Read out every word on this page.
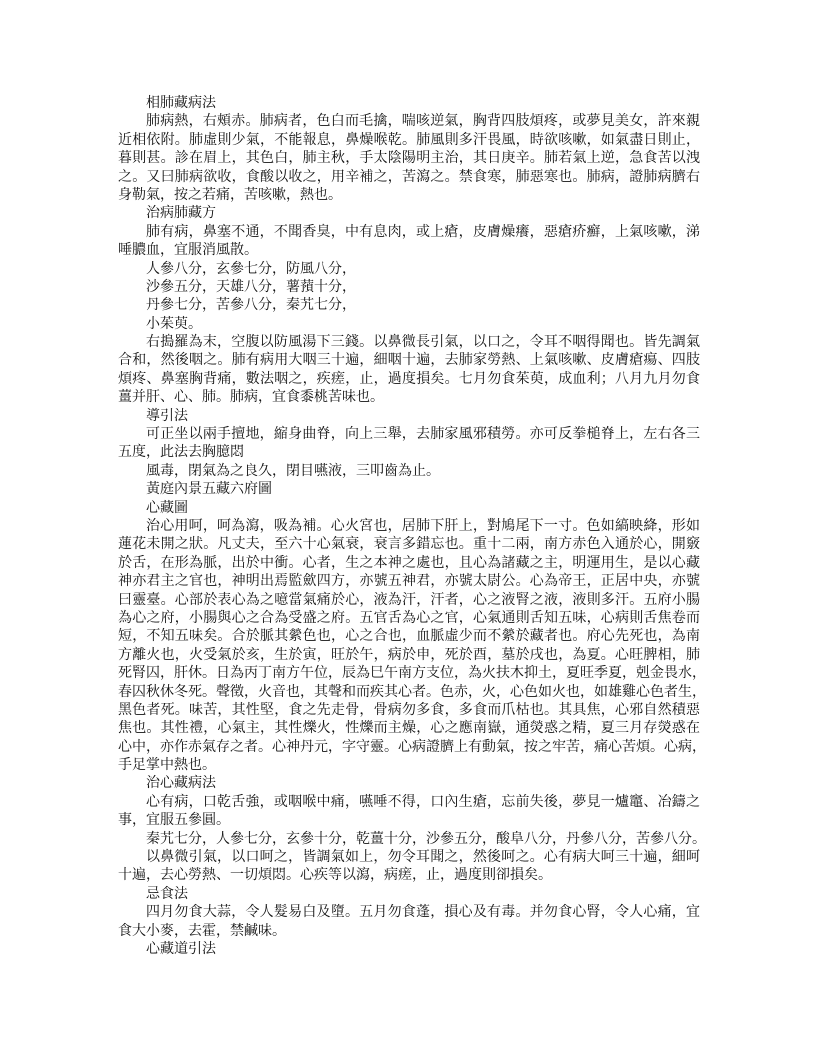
相肺藏病法
肺病熱，右頰赤。肺病者，色白而毛擒，喘咳逆氣，胸背四肢煩疼，或夢見美女，許來親
近相依附。肺虛則少氣，不能報息，鼻燥喉乾。肺風則多汗畏風，時欲咳嗽，如氣盡日則止，
暮則甚。診在眉上，其色白，肺主秋，手太陰陽明主治，其日庚辛。肺若氣上逆，急食苦以洩
之。又曰肺病欲收，食酸以收之，用辛補之，苦瀉之。禁食寒，肺惡寒也。肺病，證肺病臍右
身勒氣，按之若痛，苦咳嗽，熱也。
治病肺藏方
肺有病，鼻塞不通，不聞香臭，中有息肉，或上瘡，皮膚燥癢，惡瘡疥癬，上氣咳嗽，涕
唾膿血，宜服消風散。
人參八分，玄參七分，防風八分，
沙參五分，天雄八分，薯蕷十分，
丹參七分，苦參八分，秦艽七分，
小茱萸。
右搗羅為末，空腹以防風湯下三錢。以鼻微長引氣，以口之，令耳不咽得聞也。皆先調氣
合和，然後咽之。肺有病用大咽三十遍，細咽十遍，去肺家勞熱、上氣咳嗽、皮膚瘡瘍、四肢
煩疼、鼻塞胸背痛，數法咽之，疾瘥，止，過度損矣。七月勿食茱萸，成血利；八月九月勿食
薑并肝、心、肺。肺病，宜食黍桃苦味也。
導引法
可正坐以兩手擅地，縮身曲脊，向上三舉，去肺家風邪積勞。亦可反拳槌脊上，左右各三
五度，此法去胸臆悶
風毒，閉氣為之良久，閉目嚥液，三叩齒為止。
黃庭內景五藏六府圖
心藏圖
治心用呵，呵為瀉，吸為補。心火宮也，居肺下肝上，對鳩尾下一寸。色如縞映絳，形如
蓮花未開之狀。凡丈夫，至六十心氣衰，衰言多錯忘也。重十二兩，南方赤色入通於心，開竅
於舌，在形為脈，出於中衝。心者，生之本神之處也，且心為諸藏之主，明運用生，是以心藏
神亦君主之官也，神明出焉監歛四方，亦號五神君，亦號太尉公。心為帝王，正居中央，亦號
曰靈臺。心部於表心為之噫當氣痛於心，液為汗，汗者，心之液腎之液，液則多汗。五府小腸
為心之府，小腸與心之合為受盛之府。五官舌為心之官，心氣通則舌知五味，心病則舌焦卷而
短，不知五味矣。合於脈其縈色也，心之合也，血脈虛少而不縈於藏者也。府心先死也，為南
方離火也，火受氣於亥，生於寅，旺於午，病於申，死於酉，墓於戌也，為夏。心旺脾相，肺
死腎囚，肝休。日為丙丁南方午位，辰為巳午南方支位，為火扶木抑土，夏旺季夏，剋金畏水，
春囚秋休冬死。聲徵，火音也，其聲和而疾其心者。色赤，火，心色如火也，如雄雞心色者生，
黑色者死。味苦，其性堅，食之先走骨，骨病勿多食，多食而爪枯也。其具焦，心邪自然積惡
焦也。其性禮，心氣主，其性爍火，性爍而主燥，心之應南嶽，通熒惑之精，夏三月存熒惑在
心中，亦作赤氣存之者。心神丹元，字守靈。心病證臍上有動氣，按之牢苦，痛心苦煩。心病，
手足掌中熱也。
治心藏病法
心有病，口乾舌強，或咽喉中痛，嚥唾不得，口內生瘡，忘前失後，夢見一爐竈、冶鑄之
事，宜服五參圓。
秦艽七分，人參七分，玄參十分，乾薑十分，沙參五分，酸阜八分，丹參八分，苦參八分。
以鼻微引氣，以口呵之，皆調氣如上，勿令耳聞之，然後呵之。心有病大呵三十遍，細呵
十遍，去心勞熱、一切煩悶。心疾等以瀉，病瘥，止，過度則卻損矣。
忌食法
四月勿食大蒜，令人髮易白及墮。五月勿食蓬，損心及有毒。并勿食心腎，令人心痛，宜
食大小麥，去霍，禁鹹味。
心藏道引法
